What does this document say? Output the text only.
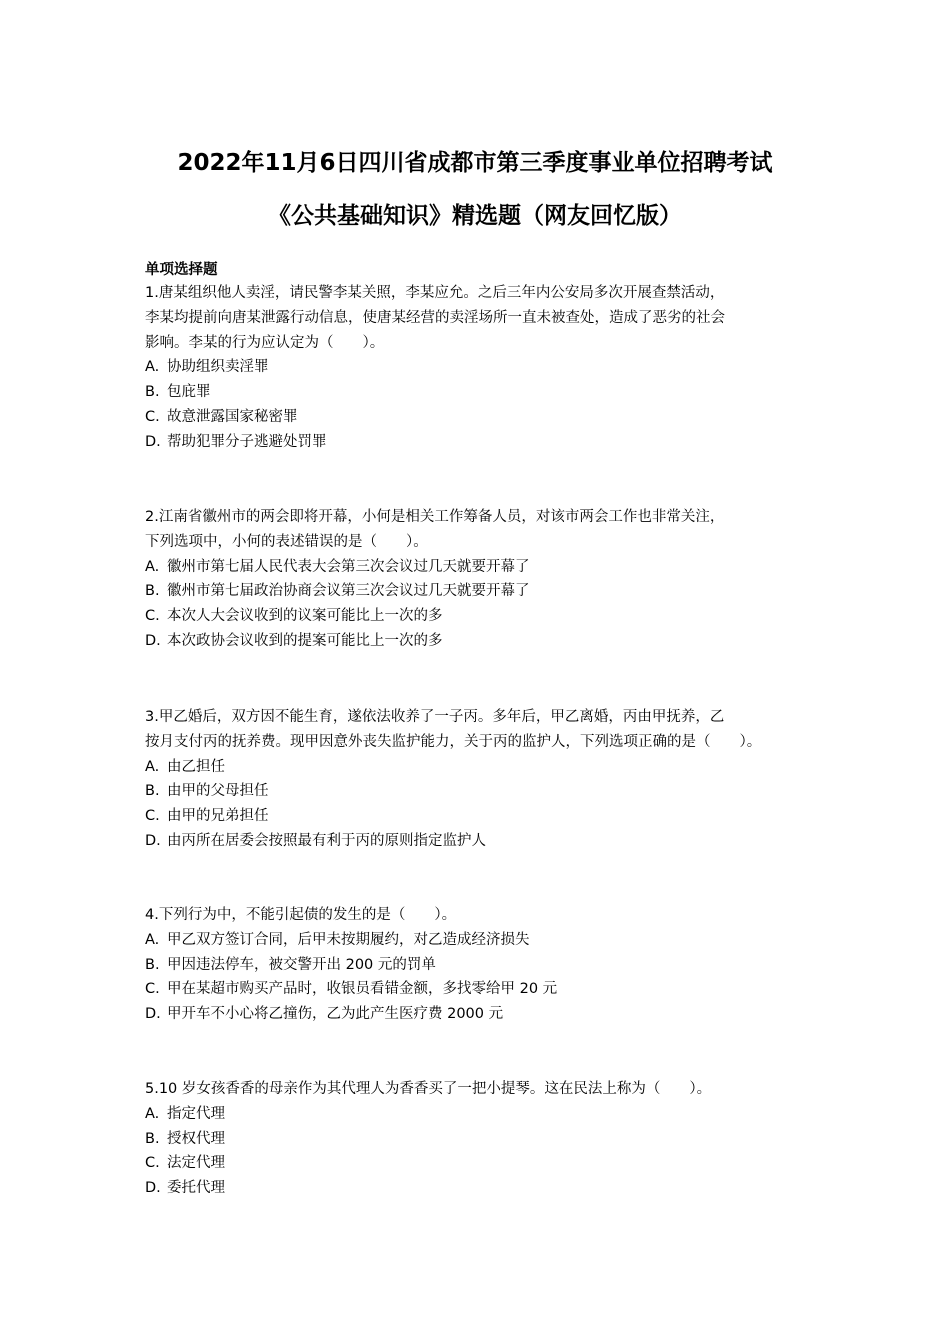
2022年11月6日四川省成都市第三季度事业单位招聘考试
《公共基础知识》精选题（网友回忆版）
单项选择题
1.唐某组织他人卖淫，请民警李某关照，李某应允。之后三年内公安局多次开展查禁活动，
李某均提前向唐某泄露行动信息，使唐某经营的卖淫场所一直未被查处，造成了恶劣的社会
影响。李某的行为应认定为（　　）。
A. 协助组织卖淫罪
B. 包庇罪
C. 故意泄露国家秘密罪
D. 帮助犯罪分子逃避处罚罪
2.江南省徽州市的两会即将开幕，小何是相关工作筹备人员，对该市两会工作也非常关注，
下列选项中，小何的表述错误的是（　　）。
A. 徽州市第七届人民代表大会第三次会议过几天就要开幕了
B. 徽州市第七届政治协商会议第三次会议过几天就要开幕了
C. 本次人大会议收到的议案可能比上一次的多
D. 本次政协会议收到的提案可能比上一次的多
3.甲乙婚后，双方因不能生育，遂依法收养了一子丙。多年后，甲乙离婚，丙由甲抚养，乙
按月支付丙的抚养费。现甲因意外丧失监护能力，关于丙的监护人，下列选项正确的是（　　）。
A. 由乙担任
B. 由甲的父母担任
C. 由甲的兄弟担任
D. 由丙所在居委会按照最有利于丙的原则指定监护人
4.下列行为中，不能引起债的发生的是（　　）。
A. 甲乙双方签订合同，后甲未按期履约，对乙造成经济损失
B. 甲因违法停车，被交警开出 200 元的罚单
C. 甲在某超市购买产品时，收银员看错金额，多找零给甲 20 元
D. 甲开车不小心将乙撞伤，乙为此产生医疗费 2000 元
5.10 岁女孩香香的母亲作为其代理人为香香买了一把小提琴。这在民法上称为（　　）。
A. 指定代理
B. 授权代理
C. 法定代理
D. 委托代理
